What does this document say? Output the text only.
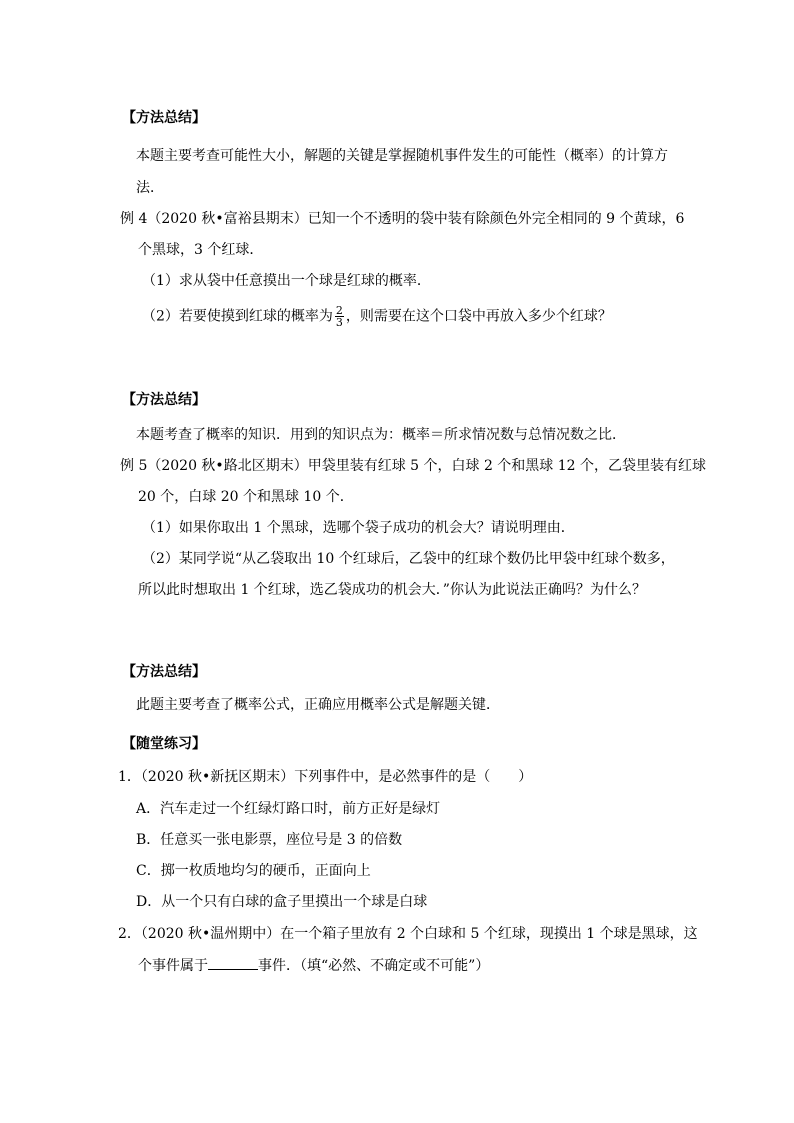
【方法总结】
本题主要考查可能性大小，解题的关键是掌握随机事件发生的可能性（概率）的计算方
法．
例 4（2020 秋•富裕县期末）已知一个不透明的袋中装有除颜色外完全相同的 9 个黄球，6
个黑球，3 个红球．
（1）求从袋中任意摸出一个球是红球的概率．
（2）若要使摸到红球的概率为 $\frac{2}{3}$ ，则需要在这个口袋中再放入多少个红球？
【方法总结】
本题考查了概率的知识．用到的知识点为：概率＝所求情况数与总情况数之比．
例 5（2020 秋•路北区期末）甲袋里装有红球 5 个，白球 2 个和黑球 12 个，乙袋里装有红球
20 个，白球 20 个和黑球 10 个．
（1）如果你取出 1 个黑球，选哪个袋子成功的机会大？请说明理由．
（2）某同学说“从乙袋取出 10 个红球后，乙袋中的红球个数仍比甲袋中红球个数多，
所以此时想取出 1 个红球，选乙袋成功的机会大．”你认为此说法正确吗？为什么？
【方法总结】
此题主要考查了概率公式，正确应用概率公式是解题关键．
【随堂练习】
1．（2020 秋•新抚区期末）下列事件中，是必然事件的是（　　）
A．汽车走过一个红绿灯路口时，前方正好是绿灯
B．任意买一张电影票，座位号是 3 的倍数
C．掷一枚质地均匀的硬币，正面向上
D．从一个只有白球的盒子里摸出一个球是白球
2．（2020 秋•温州期中）在一个箱子里放有 2 个白球和 5 个红球，现摸出 1 个球是黑球，这
个事件属于	事件．（填“必然、不确定或不可能”）
